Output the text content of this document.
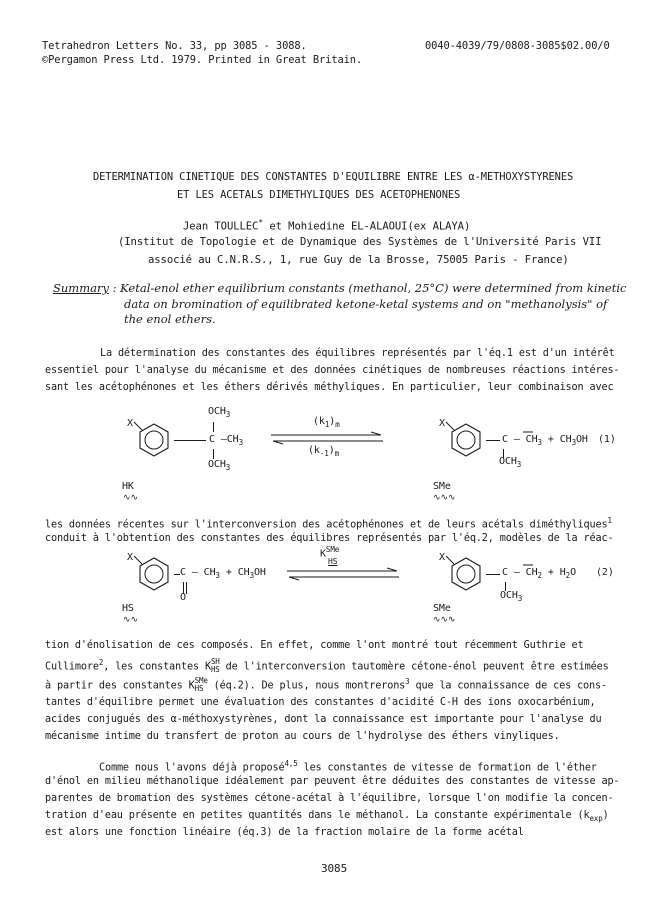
Tetrahedron Letters No. 33, pp 3085 - 3088.
©Pergamon Press Ltd. 1979. Printed in Great Britain.
0040-4039/79/0808-3085$02.00/0
DETERMINATION CINETIQUE DES CONSTANTES D'EQUILIBRE ENTRE LES α-METHOXYSTYRENES
ET LES ACETALS DIMETHYLIQUES DES ACETOPHENONES
Jean TOULLEC* et Mohiedine EL-ALAOUI(ex ALAYA)
(Institut de Topologie et de Dynamique des Systèmes de l'Université Paris VII
associé au C.N.R.S., 1, rue Guy de la Brosse, 75005 Paris - France)
Summary : Ketal-enol ether equilibrium constants (methanol, 25°C) were determined from kinetic
data on bromination of equilibrated ketone-ketal systems and on "methanolysis" of
the enol ethers.
La détermination des constantes des équilibres représentés par l'éq.1 est d'un intérêt
essentiel pour l'analyse du mécanisme et des données cinétiques de nombreuses réactions intéres-
sant les acétophénones et les éthers dérivés méthyliques. En particulier, leur combinaison avec
X
$OCH_3$
C $—CH_3$
$OCH_3$
$(k_1)_m$
$(k_{-1})_m$
X
C — $CH_3 + CH_3OH$
$OCH_3$
(1)
HK
∿∿
SMe
∿∿∿
les données récentes sur l'interconversion des acétophénones et de leurs acétals diméthyliques$^1$
conduit à l'obtention des constantes des équilibres représentés par l'éq.2, modèles de la réac-
X
C — $CH_3 + CH_3OH$
O
$K^{SMe}$
HS	X
C — $CH_2 + H_2O$
$OCH_3$
(2)
HS
∿∿
SMe
∿∿∿
tion d'énolisation de ces composés. En effet, comme l'ont montré tout récemment Guthrie et
Cullimore$^2$, les constantes K SH
HS de l'interconversion tautomère cétone-énol peuvent être estimées
à partir des constantes K SMe
HS (éq.2). De plus, nous montrerons$^3$ que la connaissance de ces cons-
tantes d'équilibre permet une évaluation des constantes d'acidité C-H des ions oxocarbénium,
acides conjugués des α-méthoxystyrènes, dont la connaissance est importante pour l'analyse du
mécanisme intime du transfert de proton au cours de l'hydrolyse des éthers vinyliques.
Comme nous l'avons déjà proposé$^{4,5}$ les constantes de vitesse de formation de l'éther
d'énol en milieu méthanolique idéalement par peuvent être déduites des constantes de vitesse ap-
parentes de bromation des systèmes cétone-acétal à l'équilibre, lorsque l'on modifie la concen-
tration d'eau présente en petites quantités dans le méthanol. La constante expérimentale $(k_{exp})$
est alors une fonction linéaire (éq.3) de la fraction molaire de la forme acétal
3085
